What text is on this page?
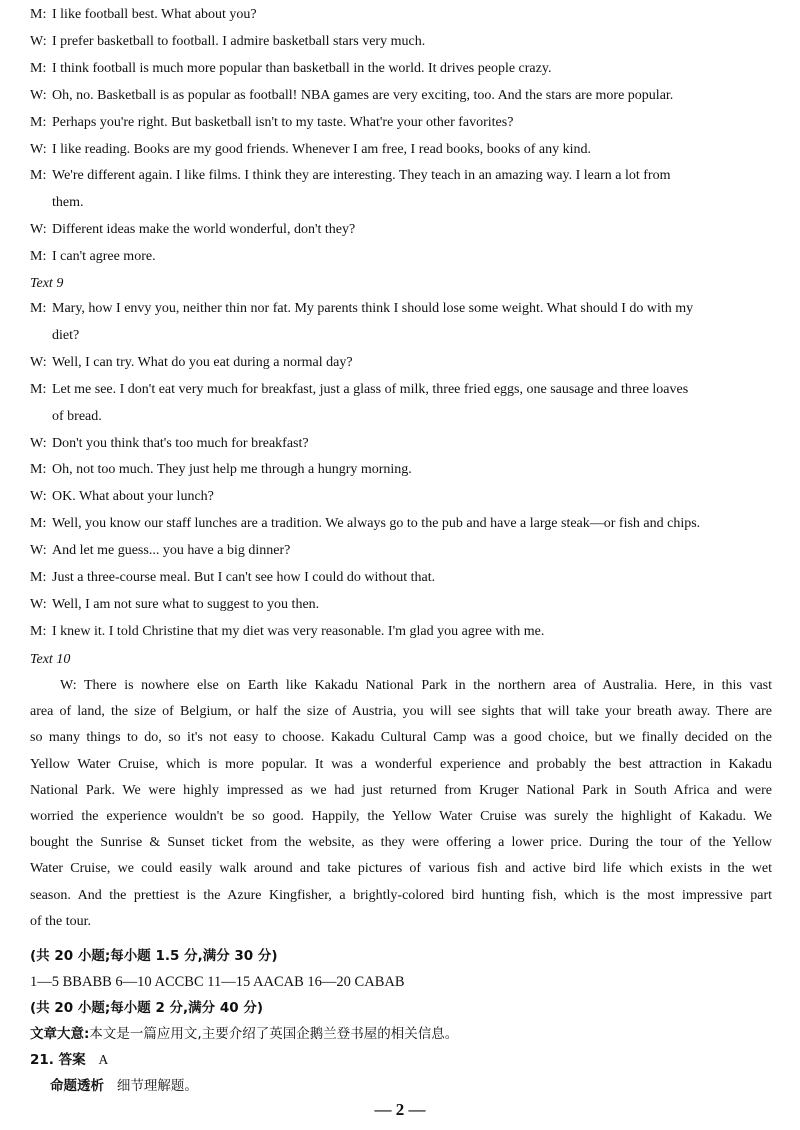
M: I like football best. What about you?
W: I prefer basketball to football. I admire basketball stars very much.
M: I think football is much more popular than basketball in the world. It drives people crazy.
W: Oh, no. Basketball is as popular as football! NBA games are very exciting, too. And the stars are more popular.
M: Perhaps you're right. But basketball isn't to my taste. What're your other favorites?
W: I like reading. Books are my good friends. Whenever I am free, I read books, books of any kind.
M: We're different again. I like films. I think they are interesting. They teach in an amazing way. I learn a lot from
them.
W: Different ideas make the world wonderful, don't they?
M: I can't agree more.
M: Mary, how I envy you, neither thin nor fat. My parents think I should lose some weight. What should I do with my
diet?
W: Well, I can try. What do you eat during a normal day?
M: Let me see. I don't eat very much for breakfast, just a glass of milk, three fried eggs, one sausage and three loaves
of bread.
W: Don't you think that's too much for breakfast?
M: Oh, not too much. They just help me through a hungry morning.
W: OK. What about your lunch?
M: Well, you know our staff lunches are a tradition. We always go to the pub and have a large steak—or fish and chips.
W: And let me guess... you have a big dinner?
M: Just a three-course meal. But I can't see how I could do without that.
W: Well, I am not sure what to suggest to you then.
M: I knew it. I told Christine that my diet was very reasonable. I'm glad you agree with me.
Text 9
Text 10
W: There is nowhere else on Earth like Kakadu National Park in the northern area of Australia. Here, in this vast
area of land, the size of Belgium, or half the size of Austria, you will see sights that will take your breath away. There are
so many things to do, so it's not easy to choose. Kakadu Cultural Camp was a good choice, but we finally decided on the
Yellow Water Cruise, which is more popular. It was a wonderful experience and probably the best attraction in Kakadu
National Park. We were highly impressed as we had just returned from Kruger National Park in South Africa and were
worried the experience wouldn't be so good. Happily, the Yellow Water Cruise was surely the highlight of Kakadu. We
bought the Sunrise & Sunset ticket from the website, as they were offering a lower price. During the tour of the Yellow
Water Cruise, we could easily walk around and take pictures of various fish and active bird life which exists in the wet
season. And the prettiest is the Azure Kingfisher, a brightly-colored bird hunting fish, which is the most impressive part
of the tour.
(共 20 小题;每小题 1.5 分,满分 30 分)
1—5 BBABB 6—10 ACCBC 11—15 AACAB 16—20 CABAB
(共 20 小题;每小题 2 分,满分 40 分)
文章大意:本文是一篇应用文,主要介绍了英国企鹅兰登书屋的相关信息。
21. 答案 A
命题透析 细节理解题。
— 2 —
